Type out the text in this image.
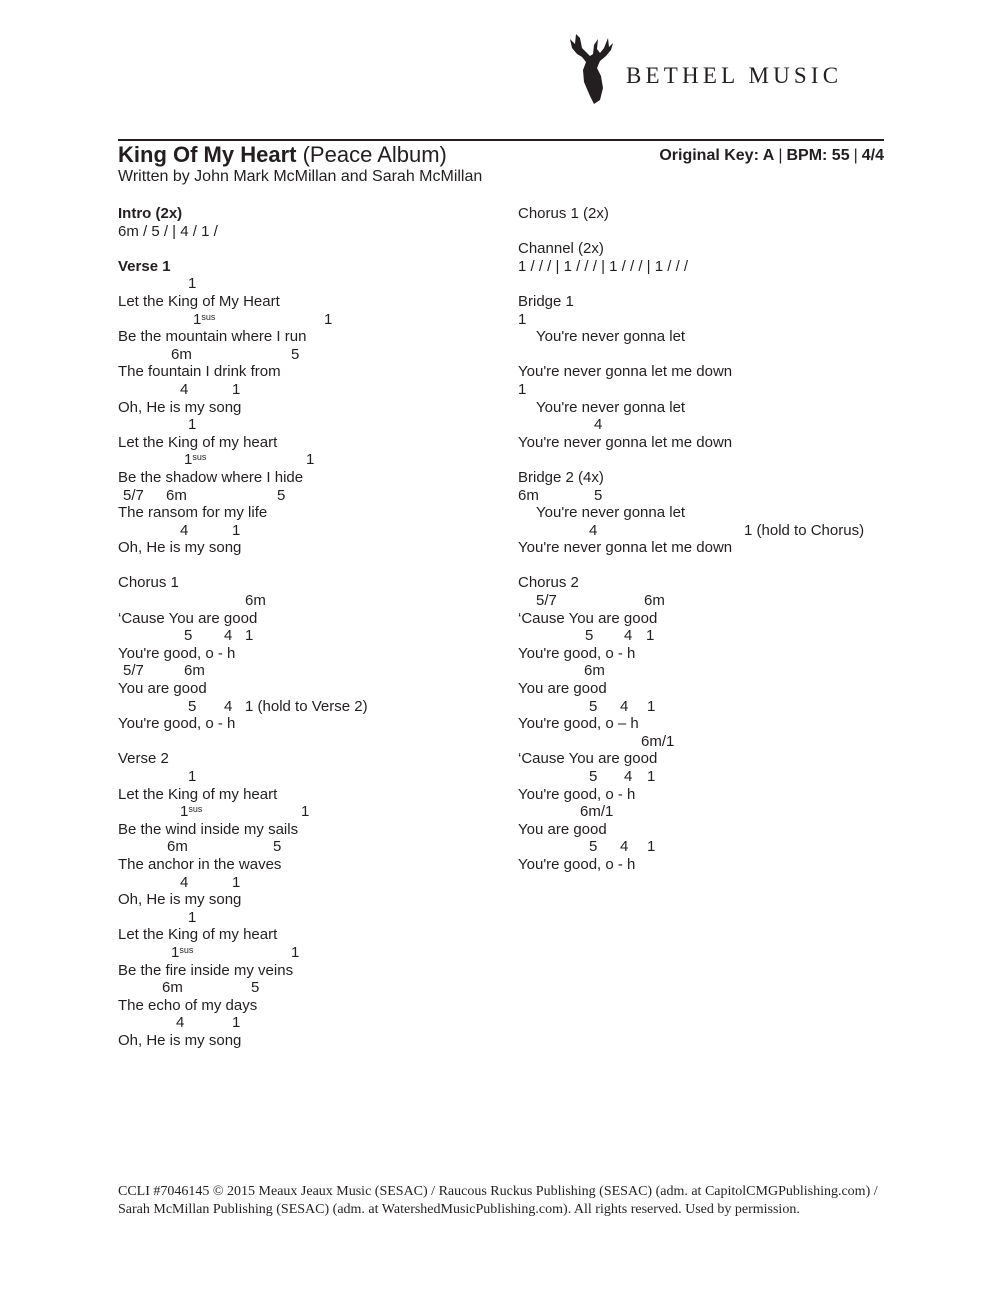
BETHEL MUSIC
King Of My Heart (Peace Album)	Original Key: A | BPM: 55 | 4/4
Written by John Mark McMillan and Sarah McMillan
Intro (2x)
6m / 5 / | 4 / 1 /
Verse 1
1
Let the King of My Heart
$1^{sus}$	1
Be the mountain where I run
6m	5
The fountain I drink from
4	1
Oh, He is my song
1
Let the King of my heart
$1^{sus}$	1
Be the shadow where I hide
5/7 6m	5
The ransom for my life
4	1
Oh, He is my song
Chorus 1
6m
‘Cause You are good
5 4 1
You're good, o - h
5/7	6m
You are good
5 4 1 (hold to Verse 2)
You're good, o - h
Verse 2
1
Let the King of my heart
$1^{sus}$	1
Be the wind inside my sails
6m	5
The anchor in the waves
4	1
Oh, He is my song
1
Let the King of my heart
$1^{sus}$	1
Be the fire inside my veins
6m	5
The echo of my days
4	1
Oh, He is my song
Chorus 1 (2x)
Channel (2x)
1 / / / | 1 / / / | 1 / / / | 1 / / /
Bridge 1
1
You're never gonna let
You're never gonna let me down
1
You're never gonna let
4
You're never gonna let me down
Bridge 2 (4x)
6m	5
You're never gonna let
4	1 (hold to Chorus)
You're never gonna let me down
Chorus 2
5/7	6m
‘Cause You are good
5 4 1
You're good, o - h
6m
You are good
5 4 1
You're good, o – h
6m/1
‘Cause You are good
5 4 1
You're good, o - h
6m/1
You are good
5 4 1
You're good, o - h
CCLI #7046145 © 2015 Meaux Jeaux Music (SESAC) / Raucous Ruckus Publishing (SESAC) (adm. at CapitolCMGPublishing.com) / Sarah McMillan Publishing (SESAC) (adm. at WatershedMusicPublishing.com). All rights reserved. Used by permission.
